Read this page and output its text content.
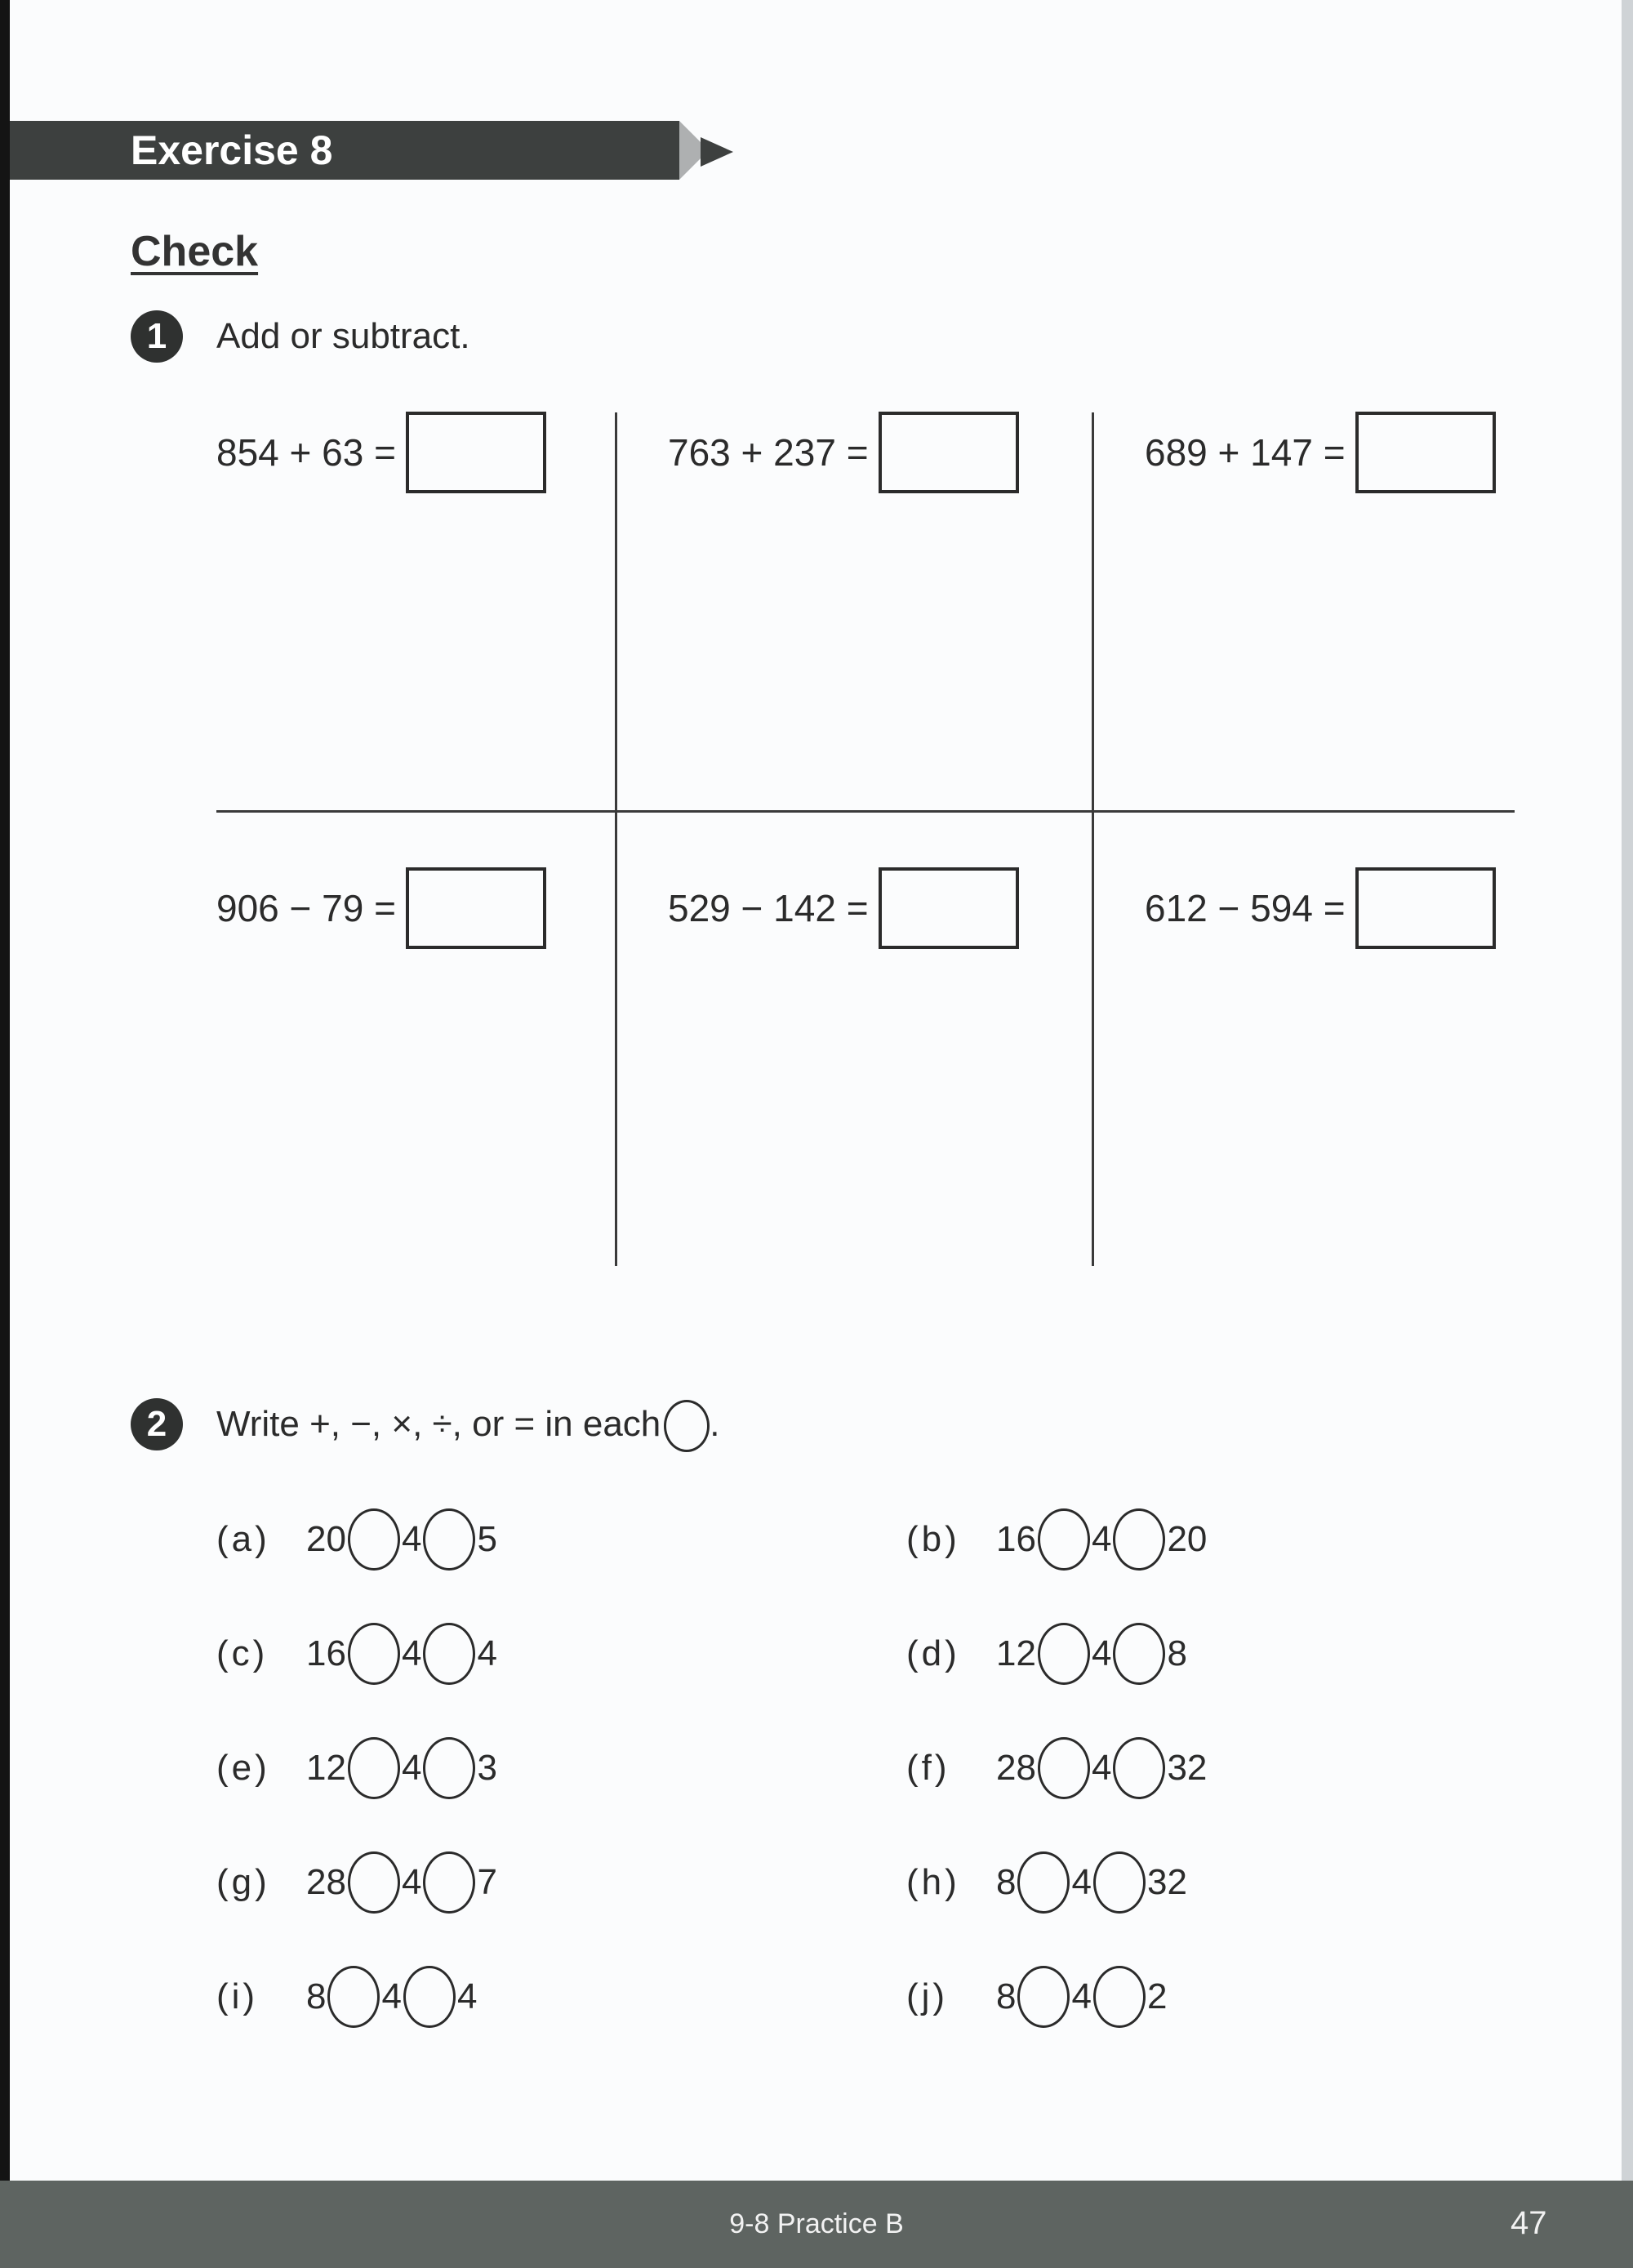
Exercise 8
Check
1	Add or subtract.
854 + 63 =	763 + 237 =	689 + 147 =
906 − 79 =	529 − 142 =	612 − 594 =
2	Write +, −, ×, ÷, or = in each .
(a)	20 4 5	(b)	16 4 20
(c)	16 4 4	(d)	12 4 8
(e)	12 4 3	(f)	28 4 32
(g)	28 4 7	(h)	8 4 32
(i)	8 4 4	(j)	8 4 2
9-8 Practice B	47
